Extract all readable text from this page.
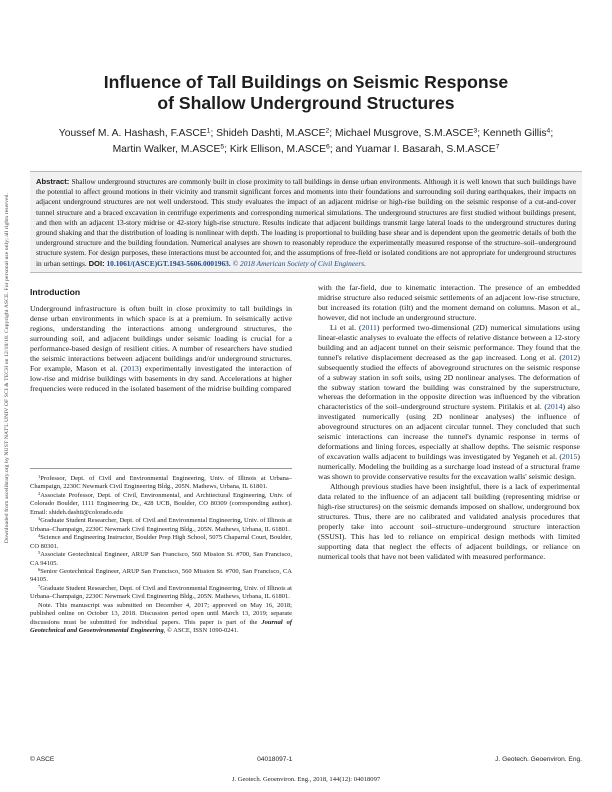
Downloaded from ascelibrary.org by NUST NAT'L UNIV OF SCI & TECH on 12/10/18. Copyright ASCE. For personal use only; all rights reserved.
Influence of Tall Buildings on Seismic Response
of Shallow Underground Structures
Youssef M. A. Hashash, F.ASCE$^1$; Shideh Dashti, M.ASCE$^2$; Michael Musgrove, S.M.ASCE$^3$; Kenneth Gillis$^4$;
Martin Walker, M.ASCE$^5$; Kirk Ellison, M.ASCE$^6$; and Yuamar I. Basarah, S.M.ASCE$^7$
Abstract: Shallow underground structures are commonly built in close proximity to tall buildings in dense urban environments. Although it is well known that such buildings have the potential to affect ground motions in their vicinity and transmit significant forces and moments into their foundations and surrounding soil during earthquakes, their impacts on adjacent underground structures are not well understood. This study evaluates the impact of an adjacent midrise or high-rise building on the seismic response of a cut-and-cover tunnel structure and a braced excavation in centrifuge experiments and corresponding numerical simulations. The underground structures are first studied without buildings present, and then with an adjacent 13-story midrise or 42-story high-rise structure. Results indicate that adjacent buildings transmit large lateral loads to the underground structures during ground shaking and that the distribution of loading is nonlinear with depth. The loading is proportional to building base shear and is dependent upon the geometric details of both the underground structure and the building foundation. Numerical analyses are shown to reasonably reproduce the experimentally measured response of the structure–soil–underground structure system. For design purposes, these interactions must be accounted for, and the assumptions of free-field or isolated conditions are not appropriate for underground structures in urban settings. DOI: 10.1061/(ASCE)GT.1943-5606.0001963. © 2018 American Society of Civil Engineers.
Introduction

Underground infrastructure is often built in close proximity to tall buildings in dense urban environments in which space is at a premium. In seismically active regions, understanding the interactions among underground structures, the surrounding soil, and adjacent buildings under seismic loading is crucial for a performance-based design of resilient cities. A number of researchers have studied the seismic interactions between adjacent buildings and/or underground structures. For example, Mason et al. (2013) experimentally investigated the interaction of low-rise and midrise buildings with basements in dry sand. Accelerations at higher frequencies were reduced in the isolated basement of the midrise building compared

$^1$Professor, Dept. of Civil and Environmental Engineering, Univ. of Illinois at Urbana–Champaign, 2230C Newmark Civil Engineering Bldg., 205N. Mathews, Urbana, IL 61801.

$^2$Associate Professor, Dept. of Civil, Environmental, and Architectural Engineering, Univ. of Colorado Boulder, 1111 Engineering Dr., 428 UCB, Boulder, CO 80309 (corresponding author). Email: shideh.dashti@colorado.edu

$^3$Graduate Student Researcher, Dept. of Civil and Environmental Engineering, Univ. of Illinois at Urbana–Champaign, 2230C Newmark Civil Engineering Bldg., 205N. Mathews, Urbana, IL 61801.

$^4$Science and Engineering Instructor, Boulder Prep High School, 5075 Chaparral Court, Boulder, CO 80301.

$^5$Associate Geotechnical Engineer, ARUP San Francisco, 560 Mission St. #700, San Francisco, CA 94105.

$^6$Senior Geotechnical Engineer, ARUP San Francisco, 560 Mission St. #700, San Francisco, CA 94105.

$^7$Graduate Student Researcher, Dept. of Civil and Environmental Engineering, Univ. of Illinois at Urbana–Champaign, 2230C Newmark Civil Engineering Bldg., 205N. Mathews, Urbana, IL 61801.

Note. This manuscript was submitted on December 4, 2017; approved on May 16, 2018; published online on October 13, 2018. Discussion period open until March 13, 2019; separate discussions must be submitted for individual papers. This paper is part of the Journal of Geotechnical and Geoenvironmental Engineering, © ASCE, ISSN 1090-0241.

with the far-field, due to kinematic interaction. The presence of an embedded midrise structure also reduced seismic settlements of an adjacent low-rise structure, but increased its rotation (tilt) and the moment demand on columns. Mason et al., however, did not include an underground structure.

Li et al. (2011) performed two-dimensional (2D) numerical simulations using linear-elastic analyses to evaluate the effects of relative distance between a 12-story building and an adjacent tunnel on their seismic performance. They found that the tunnel's relative displacement decreased as the gap increased. Long et al. (2012) subsequently studied the effects of aboveground structures on the seismic response of a subway station in soft soils, using 2D nonlinear analyses. The deformation of the subway station toward the building was constrained by the superstructure, whereas the deformation in the opposite direction was influenced by the vibration characteristics of the soil–underground structure system. Pitilakis et al. (2014) also investigated numerically (using 2D nonlinear analyses) the influence of aboveground structures on an adjacent circular tunnel. They concluded that such seismic interactions can increase the tunnel's dynamic response in terms of deformations and lining forces, especially at shallow depths. The seismic response of excavation walls adjacent to buildings was investigated by Yeganeh et al. (2015) numerically. Modeling the building as a surcharge load instead of a structural frame was shown to provide conservative results for the excavation walls' seismic design.

Although previous studies have been insightful, there is a lack of experimental data related to the influence of an adjacent tall building (representing midrise or high-rise structures) on the seismic demands imposed on shallow, underground box structures. Thus, there are no calibrated and validated analysis procedures that properly take into account soil–structure–underground structure interaction (SSUSI). This has led to reliance on empirical design methods with limited supporting data that neglect the effects of adjacent buildings, or reliance on numerical tools that have not been validated with measured performance.

© ASCE	04018097-1	J. Geotech. Geoenviron. Eng.
J. Geotech. Geoenviron. Eng., 2018, 144(12): 04018097
